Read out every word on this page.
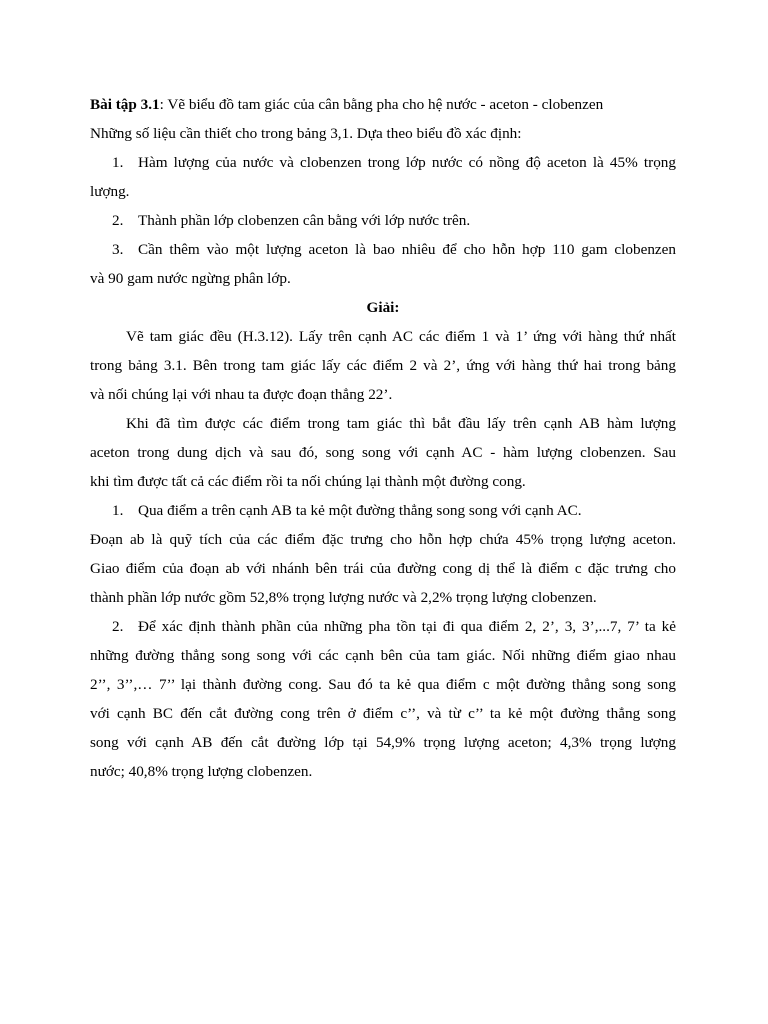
Bài tập 3.1: Vẽ biểu đồ tam giác của cân bằng pha cho hệ nước - aceton - clobenzen
Những số liệu cần thiết cho trong bảng 3,1. Dựa theo biểu đồ xác định:
1. Hàm lượng của nước và clobenzen trong lớp nước có nồng độ aceton là 45% trọng
lượng.
2. Thành phần lớp clobenzen cân bằng với lớp nước trên.
3. Cần thêm vào một lượng aceton là bao nhiêu để cho hỗn hợp 110 gam clobenzen
và 90 gam nước ngừng phân lớp.
Giải:
Vẽ tam giác đều (H.3.12). Lấy trên cạnh AC các điểm 1 và 1’ ứng với hàng thứ nhất
trong bảng 3.1. Bên trong tam giác lấy các điểm 2 và 2’, ứng với hàng thứ hai trong bảng
và nối chúng lại với nhau ta được đoạn thẳng 22’.
Khi đã tìm được các điểm trong tam giác thì bắt đầu lấy trên cạnh AB hàm lượng
aceton trong dung dịch và sau đó, song song với cạnh AC - hàm lượng clobenzen. Sau
khi tìm được tất cả các điểm rồi ta nối chúng lại thành một đường cong.
1. Qua điểm a trên cạnh AB ta kẻ một đường thẳng song song với cạnh AC.
Đoạn ab là quỹ tích của các điểm đặc trưng cho hỗn hợp chứa 45% trọng lượng aceton.
Giao điểm của đoạn ab với nhánh bên trái của đường cong dị thể là điểm c đặc trưng cho
thành phần lớp nước gồm 52,8% trọng lượng nước và 2,2% trọng lượng clobenzen.
2. Để xác định thành phần của những pha tồn tại đi qua điểm 2, 2’, 3, 3’,...7, 7’ ta kẻ
những đường thẳng song song với các cạnh bên của tam giác. Nối những điểm giao nhau
2’’, 3’’,… 7’’ lại thành đường cong. Sau đó ta kẻ qua điểm c một đường thẳng song song
với cạnh BC đến cắt đường cong trên ở điểm c’’, và từ c’’ ta kẻ một đường thẳng song
song với cạnh AB đến cắt đường lớp tại 54,9% trọng lượng aceton; 4,3% trọng lượng
nước; 40,8% trọng lượng clobenzen.
